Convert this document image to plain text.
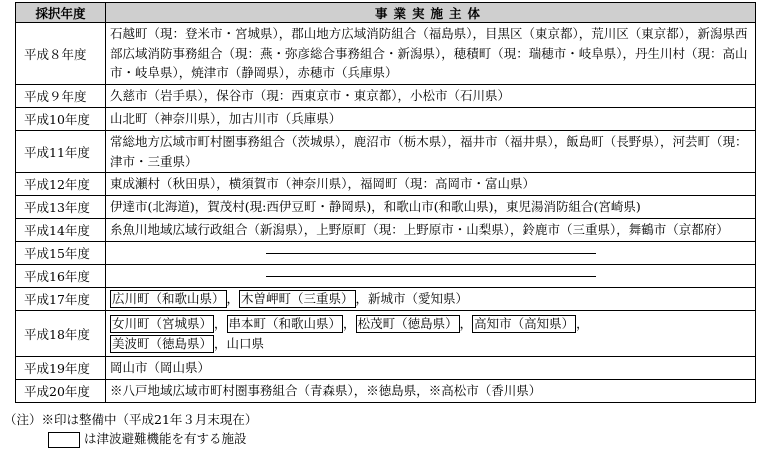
採択年度	事業実施主体
平成８年度	石越町（現：登米市・宮城県），郡山地方広域消防組合（福島県），目黒区（東京都），荒川区（東京都），新潟県西部広域消防事務組合（現：燕・弥彦総合事務組合・新潟県），穂積町（現：瑞穂市・岐阜県），丹生川村（現：高山市・岐阜県），焼津市（静岡県），赤穂市（兵庫県）
平成９年度	久慈市（岩手県），保谷市（現：西東京市・東京都），小松市（石川県）
平成10年度	山北町（神奈川県），加古川市（兵庫県）
平成11年度	常総地方広域市町村圏事務組合（茨城県），鹿沼市（栃木県），福井市（福井県），飯島町（長野県），河芸町（現：津市・三重県）
平成12年度	東成瀬村（秋田県），横須賀市（神奈川県），福岡町（現：高岡市・富山県）
平成13年度	伊達市(北海道)，賀茂村(現:西伊豆町・静岡県)，和歌山市(和歌山県)，東児湯消防組合(宮崎県)
平成14年度	糸魚川地域広域行政組合（新潟県），上野原町（現：上野原市・山梨県），鈴鹿市（三重県），舞鶴市（京都府）
平成15年度	

平成16年度	

平成17年度	広川町（和歌山県） ， 木曽岬町（三重県） ，新城市（愛知県）
平成18年度	女川町（宮城県） ， 串本町（和歌山県） ， 松茂町（徳島県） ， 高知市（高知県） ，
美波町（徳島県） ，山口県
平成19年度	岡山市（岡山県）
平成20年度	※八戸地域広域市町村圏事務組合（青森県），※徳島県，※高松市（香川県）
（注）※印は整備中（平成21年３月末現在）
は津波避難機能を有する施設
